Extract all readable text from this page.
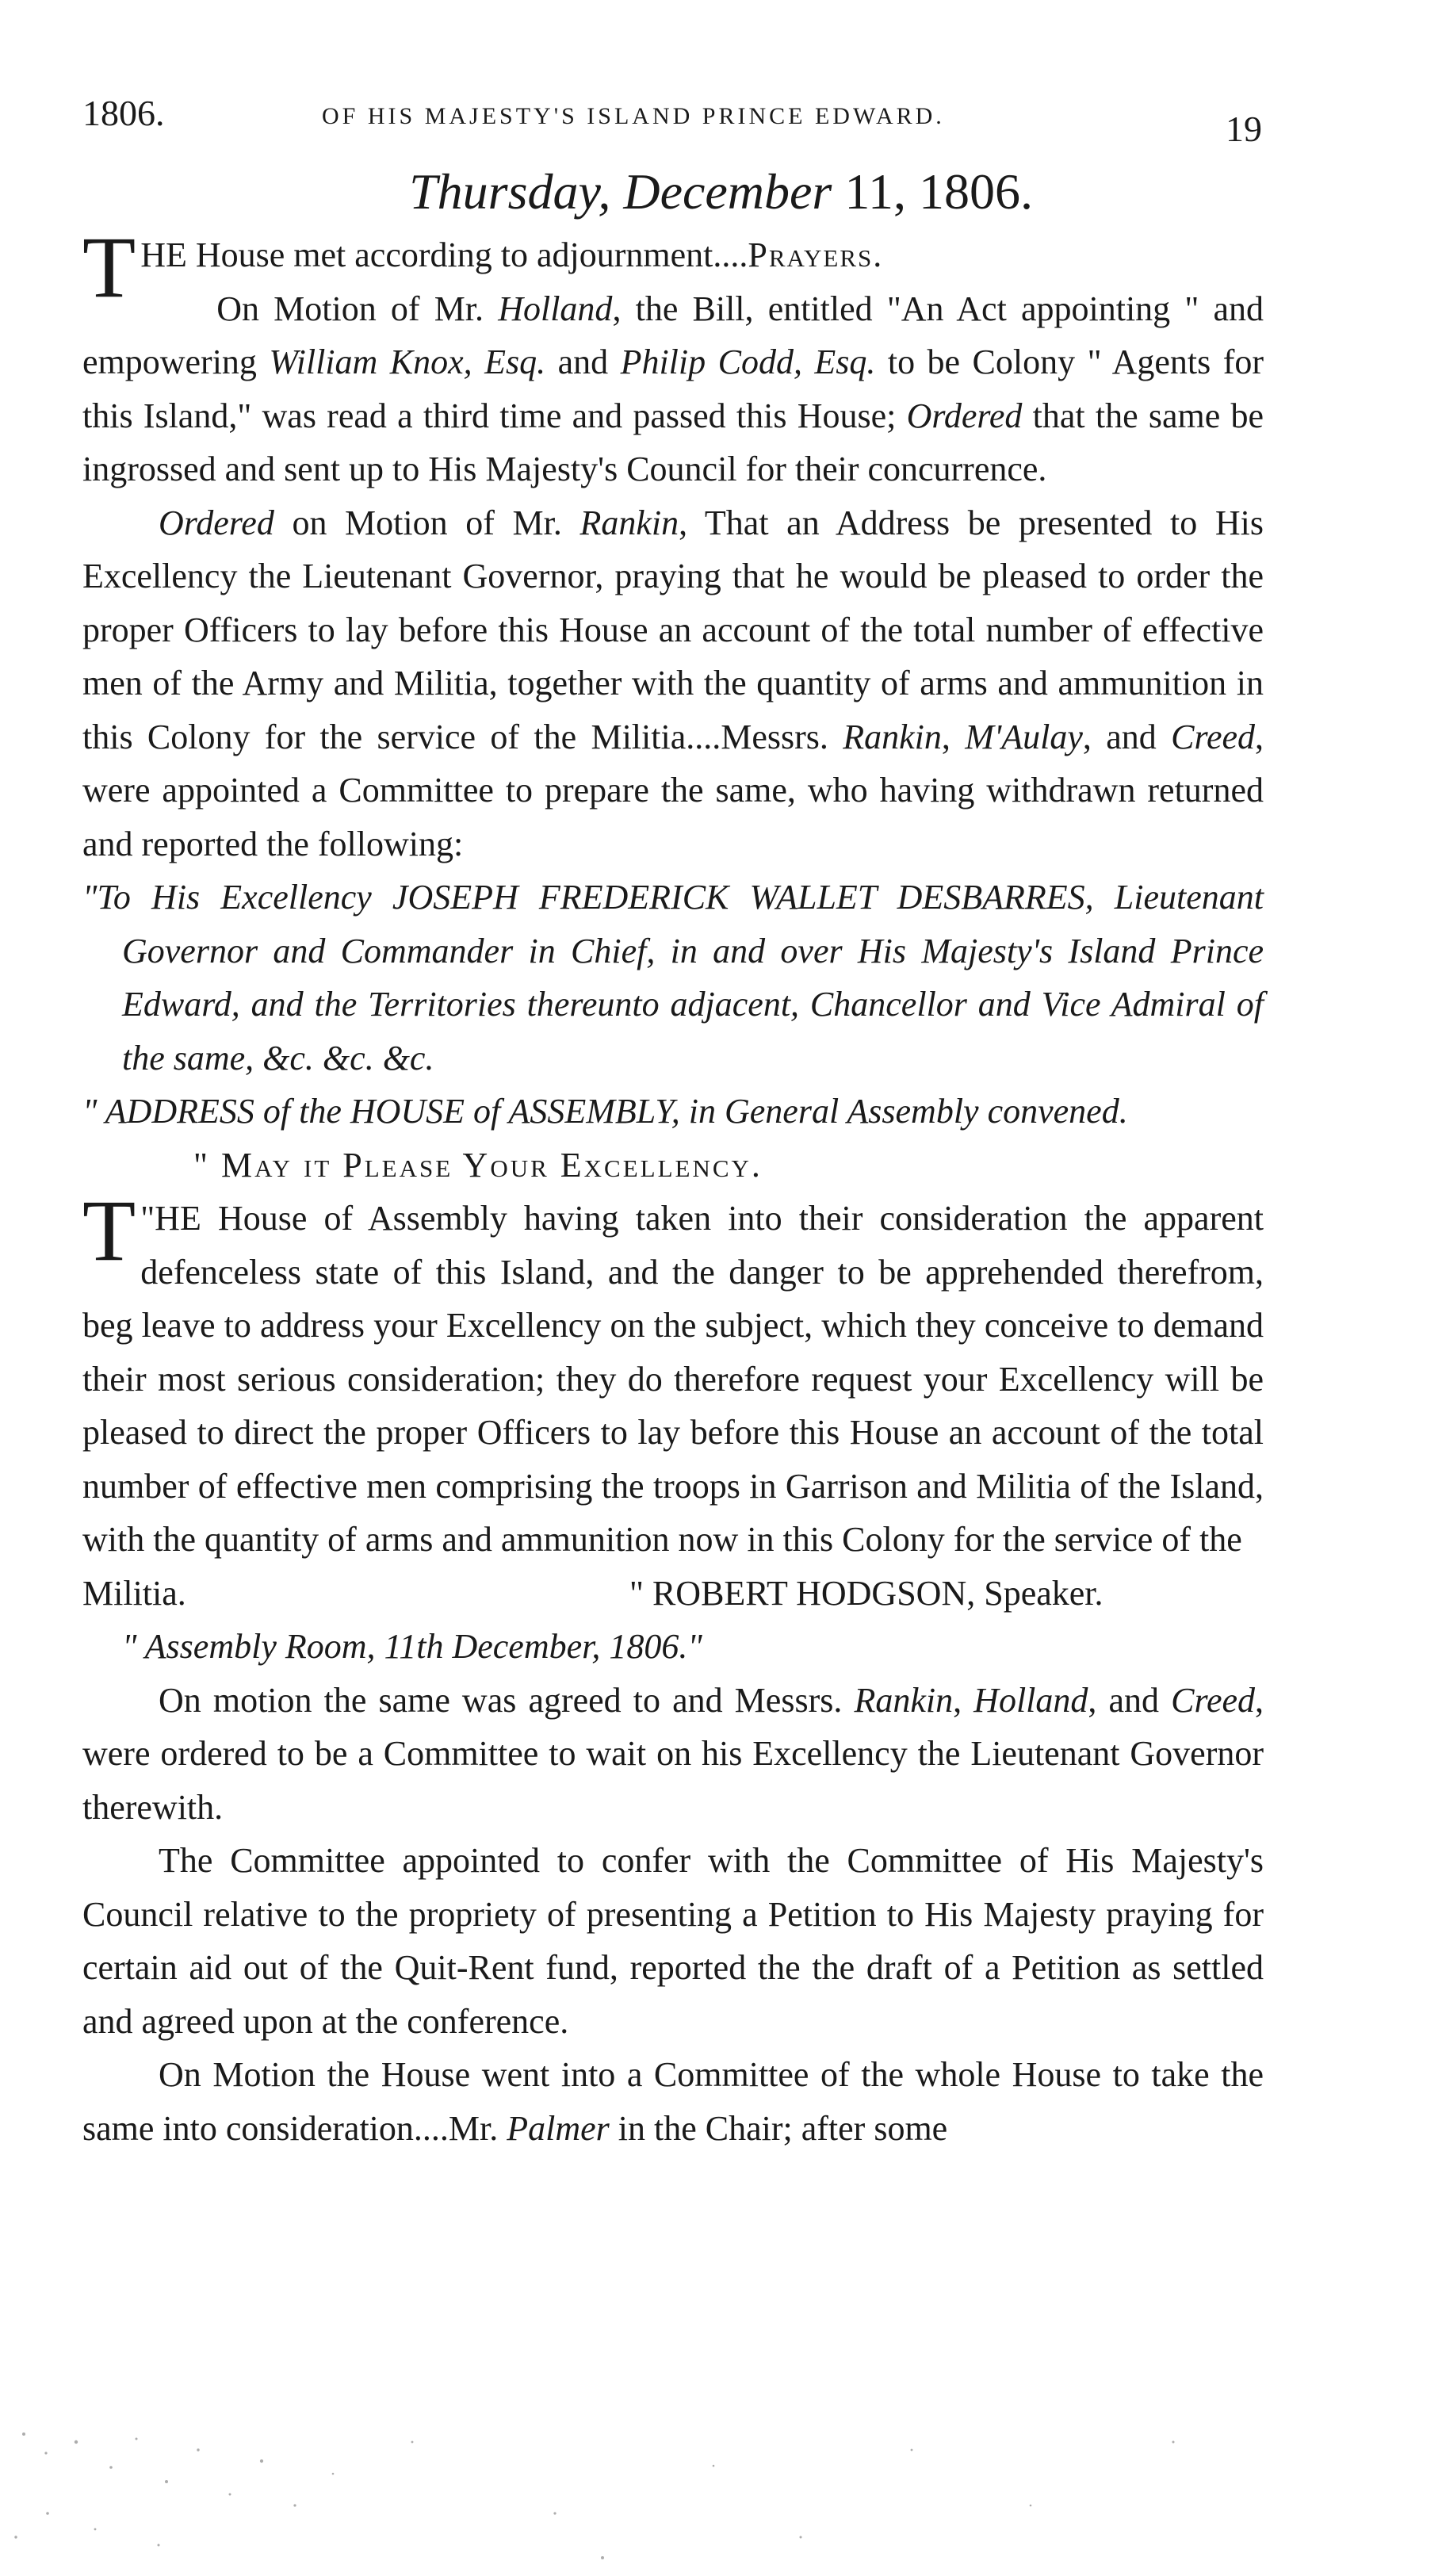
1806.	OF HIS MAJESTY'S ISLAND PRINCE EDWARD.	19
Thursday, December 11, 1806.

THE House met according to adjournment....Prayers.

On Motion of Mr. Holland, the Bill, entitled "An Act appointing " and empowering William Knox, Esq. and Philip Codd, Esq. to be Colony " Agents for this Island," was read a third time and passed this House; Ordered that the same be ingrossed and sent up to His Majesty's Council for their concurrence.

Ordered on Motion of Mr. Rankin, That an Address be presented to His Excellency the Lieutenant Governor, praying that he would be pleased to order the proper Officers to lay before this House an account of the total number of effective men of the Army and Militia, together with the quantity of arms and ammunition in this Colony for the service of the Militia....Messrs. Rankin, M'Aulay, and Creed, were appointed a Committee to prepare the same, who having withdrawn returned and reported the following:

"To His Excellency JOSEPH FREDERICK WALLET DESBARRES, Lieutenant Governor and Commander in Chief, in and over His Majesty's Island Prince Edward, and the Territories thereunto adjacent, Chancellor and Vice Admiral of the same, &c. &c. &c.

" ADDRESS of the HOUSE of ASSEMBLY, in General Assembly convened.

" May it Please Your Excellency.

"
T HE House of Assembly having taken into their consideration the apparent defenceless state of this Island, and the danger to be apprehended therefrom, beg leave to address your Excellency on the subject, which they conceive to demand their most serious consideration; they do therefore request your Excellency will be pleased to direct the proper Officers to lay before this House an account of the total number of effective men comprising the troops in Garrison and Militia of the Island, with the quantity of arms and ammunition now in this Colony for the service of the

Militia.	" ROBERT HODGSON, Speaker.

" Assembly Room, 11th December, 1806."

On motion the same was agreed to and Messrs. Rankin, Holland, and Creed, were ordered to be a Committee to wait on his Excellency the Lieutenant Governor therewith.

The Committee appointed to confer with the Committee of His Majesty's Council relative to the propriety of presenting a Petition to His Majesty praying for certain aid out of the Quit-Rent fund, reported the the draft of a Petition as settled and agreed upon at the conference.

On Motion the House went into a Committee of the whole House to take the same into consideration....Mr. Palmer in the Chair; after some
